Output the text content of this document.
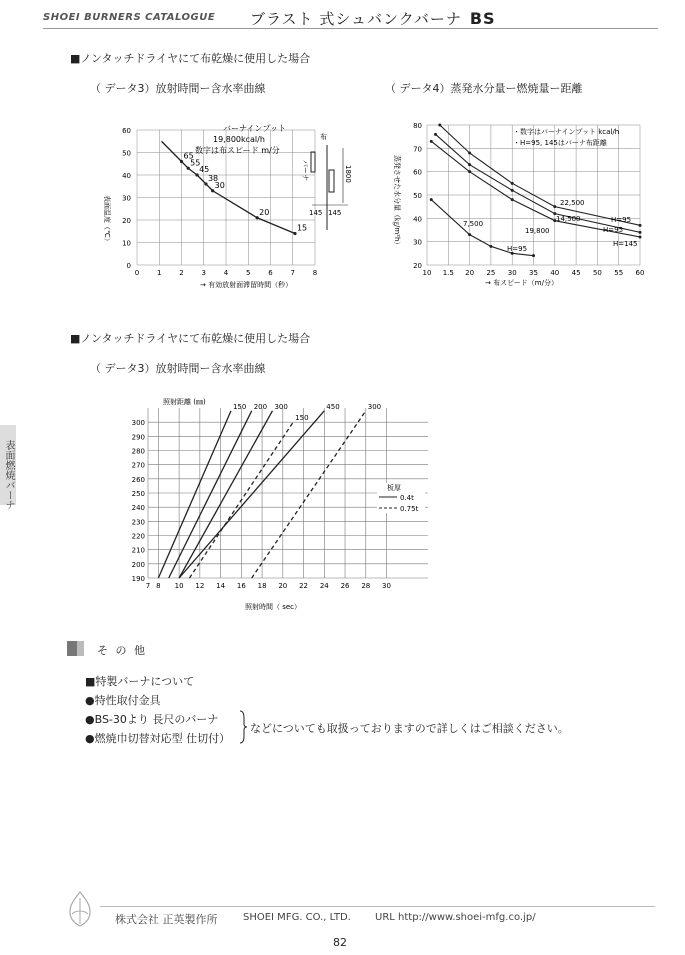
SHOEI BURNERS CATALOGUE ブラスト 式シュバンクバーナ BS
表面燃焼バーナ
■ノンタッチドライヤにて布乾燥に使用した場合
（ データ3）放射時間ー含水率曲線	（ データ4）蒸発水分量ー燃焼量ー距離
表面温度（℃）
0
10
20
30
40
50
60
0	1	2	3	4	5	6	7	8
65
55
45
38
30
20
15
バーナインプット
19,800kcal/h
数字は布スピード m/分
→ 有効放射面滞留時間（秒）
布
バーナ	1800
145 145	蒸発させた水分量（㎏/m²h）
20
30
40
50
60
70
80
10 1.5 20 25 30 35 40 45 50 55 60
・数字はバーナインプット kcal/h
・H=95, 145はバーナ布距離
22,500
14,500
19,800
7,500	H=95
H=95
H=145
H=95
→ 布スピード（m/分）
■ノンタッチドライヤにて布乾燥に使用した場合
（ データ3）放射時間ー含水率曲線
照射距離 (㎜)
190
200
210
220
230
240
250
260
270
280
290
300
7 8 10 12 14 16 18 20 22 24 26 28 30
150 200 300	450
150
300
板厚
0.4t
0.75t
照射時間（ sec）
そ の 他
■特製バーナについて
●特性取付金具
●BS-30より 長尺のバーナ
●燃焼巾切替対応型 仕切付）
などについても取扱っておりますので詳しくはご相談ください。
株式会社 正英製作所	SHOEI MFG. CO., LTD. URL http://www.shoei-mfg.co.jp/
82
